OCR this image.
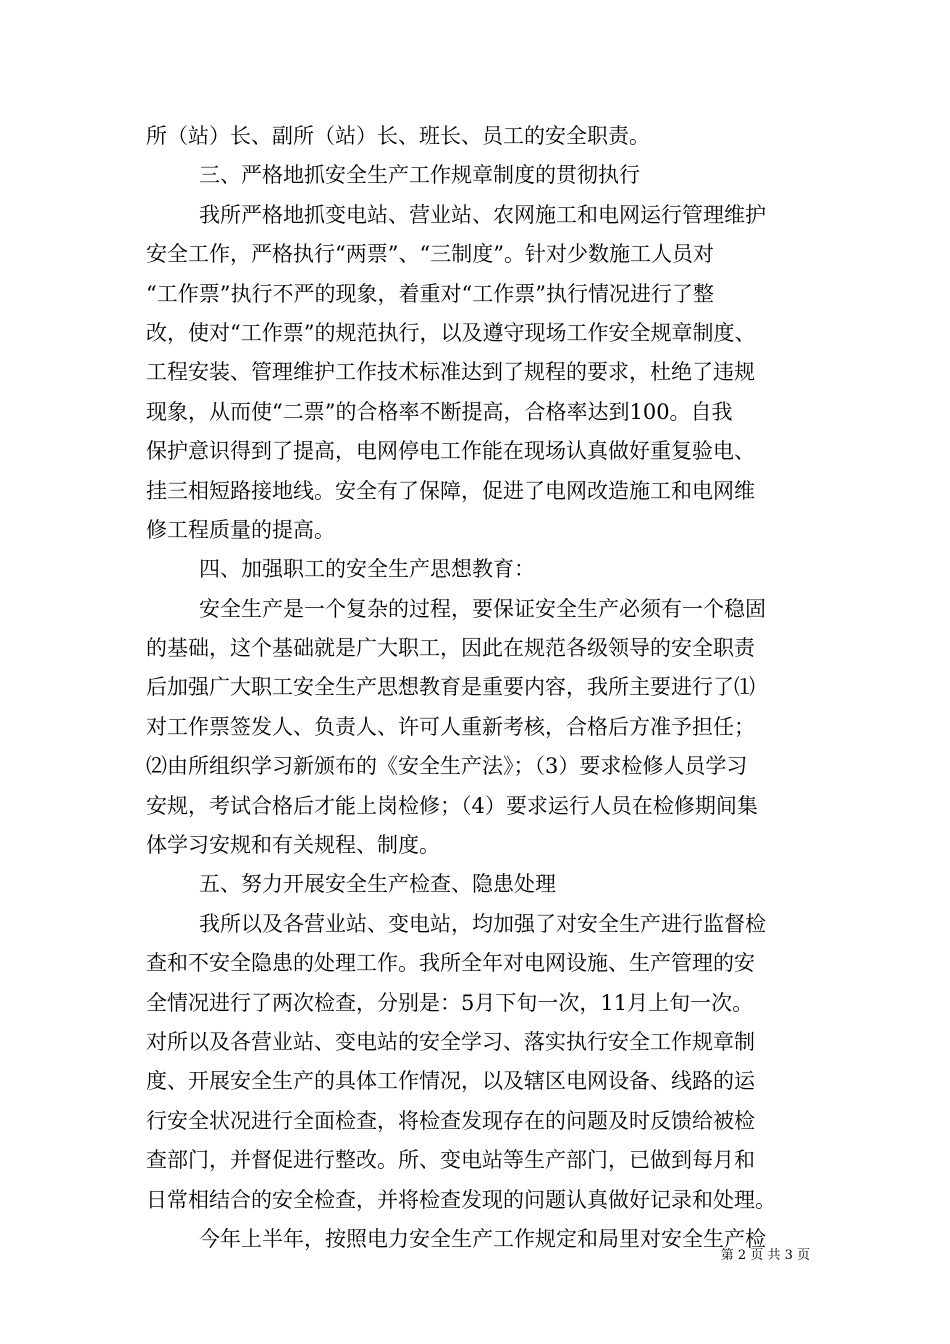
所（站）长、副所（站）长、班长、员工的安全职责。
三、严格地抓安全生产工作规章制度的贯彻执行
我所严格地抓变电站、营业站、农网施工和电网运行管理维护
安全工作，严格执行“两票”、“三制度”。针对少数施工人员对
“工作票”执行不严的现象，着重对“工作票”执行情况进行了整
改，使对“工作票”的规范执行，以及遵守现场工作安全规章制度、
工程安装、管理维护工作技术标准达到了规程的要求，杜绝了违规
现象，从而使“二票”的合格率不断提高，合格率达到100。自我
保护意识得到了提高，电网停电工作能在现场认真做好重复验电、
挂三相短路接地线。安全有了保障，促进了电网改造施工和电网维
修工程质量的提高。
四、加强职工的安全生产思想教育：
安全生产是一个复杂的过程，要保证安全生产必须有一个稳固
的基础，这个基础就是广大职工，因此在规范各级领导的安全职责
后加强广大职工安全生产思想教育是重要内容，我所主要进行了⑴
对工作票签发人、负责人、许可人重新考核，合格后方准予担任；
⑵由所组织学习新颁布的《安全生产法》；（3）要求检修人员学习
安规，考试合格后才能上岗检修；（4）要求运行人员在检修期间集
体学习安规和有关规程、制度。
五、努力开展安全生产检查、隐患处理
我所以及各营业站、变电站，均加强了对安全生产进行监督检
查和不安全隐患的处理工作。我所全年对电网设施、生产管理的安
全情况进行了两次检查，分别是：5月下旬一次，11月上旬一次。
对所以及各营业站、变电站的安全学习、落实执行安全工作规章制
度、开展安全生产的具体工作情况，以及辖区电网设备、线路的运
行安全状况进行全面检查，将检查发现存在的问题及时反馈给被检
查部门，并督促进行整改。所、变电站等生产部门，已做到每月和
日常相结合的安全检查，并将检查发现的问题认真做好记录和处理。
今年上半年，按照电力安全生产工作规定和局里对安全生产检
第 2 页 共 3 页
